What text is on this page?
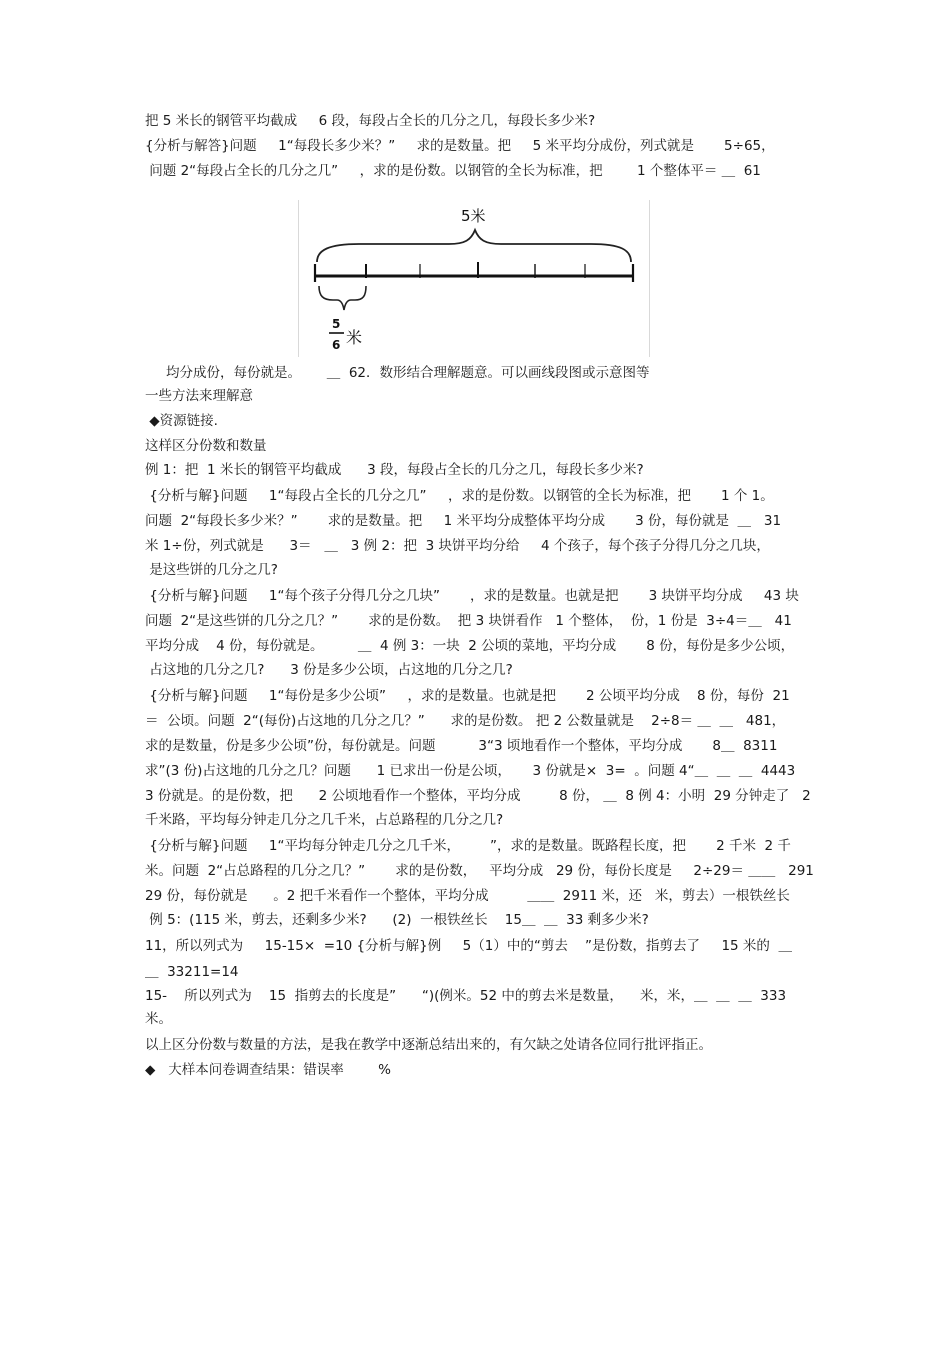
把 5 米长的钢管平均截成     6 段，每段占全长的几分之几，每段长多少米?
{分析与解答}问题     1“每段长多少米？”     求的是数量。把     5 米平均分成份，列式就是       5÷65，
问题 2“每段占全长的几分之几”     ，求的是份数。以钢管的全长为标准，把        1 个整体平＝ ＿  61
均分成份，每份就是。      ＿  62．数形结合理解题意。可以画线段图或示意图等
一些方法来理解意
◆资源链接.
这样区分份数和数量
例 1：把  1 米长的钢管平均截成      3 段，每段占全长的几分之几，每段长多少米?
{分析与解}问题     1“每段占全长的几分之几”     ，求的是份数。以钢管的全长为标准，把       1 个 1。
问题  2“每段长多少米？”       求的是数量。把     1 米平均分成整体平均分成       3 份，每份就是  ＿   31
米 1÷份，列式就是      3＝   ＿   3 例 2：把  3 块饼平均分给     4 个孩子，每个孩子分得几分之几块，
是这些饼的几分之几?
{分析与解}问题     1“每个孩子分得几分之几块”       ，求的是数量。也就是把       3 块饼平均分成     43 块
问题  2“是这些饼的几分之几？”       求的是份数。  把 3 块饼看作   1 个整体，  份，1 份是  3÷4＝＿   41
平均分成    4 份，每份就是。        ＿  4 例 3：一块  2 公顷的菜地，平均分成       8 份，每份是多少公顷，
占这地的几分之几?      3 份是多少公顷，占这地的几分之几?
{分析与解}问题     1“每份是多少公顷”     ，求的是数量。也就是把       2 公顷平均分成    8 份，每份  21
＝  公顷。问题  2“(每份)占这地的几分之几？”      求的是份数。 把 2 公数量就是    2÷8＝ ＿  ＿   481，
求的是数量，份是多少公顷”份，每份就是。问题          3“3 顷地看作一个整体，平均分成       8＿  8311
求”(3 份)占这地的几分之几？问题      1 已求出一份是公顷，     3 份就是×  3=  。问题 4“＿  ＿  ＿  4443
3 份就是。的是份数，把      2 公顷地看作一个整体，平均分成         8 份， ＿  8 例 4：小明  29 分钟走了   2
千米路，平均每分钟走几分之几千米，占总路程的几分之几?
{分析与解}问题     1“平均每分钟走几分之几千米，       ”，求的是数量。既路程长度，把       2 千米  2 千
米。问题  2“占总路程的几分之几？”       求的是份数，   平均分成   29 份，每份长度是     2÷29＝ ＿＿   291
29 份，每份就是      。2 把千米看作一个整体，平均分成         ＿＿  2911 米，还   米，剪去）一根铁丝长
例 5：(115 米，剪去，还剩多少米?      (2)  一根铁丝长    15＿  ＿  33 剩多少米?
11，所以列式为     15-15×  =10 {分析与解}例     5（1）中的“剪去    ”是份数，指剪去了     15 米的  ＿
＿  33211=14
15-    所以列式为    15  指剪去的长度是”      “)(例米。52 中的剪去米是数量，    米，米，＿  ＿  ＿  333
米。
以上区分份数与数量的方法，是我在教学中逐渐总结出来的，有欠缺之处请各位同行批评指正。
◆   大样本问卷调查结果：错误率        %
5米
5
6 米
